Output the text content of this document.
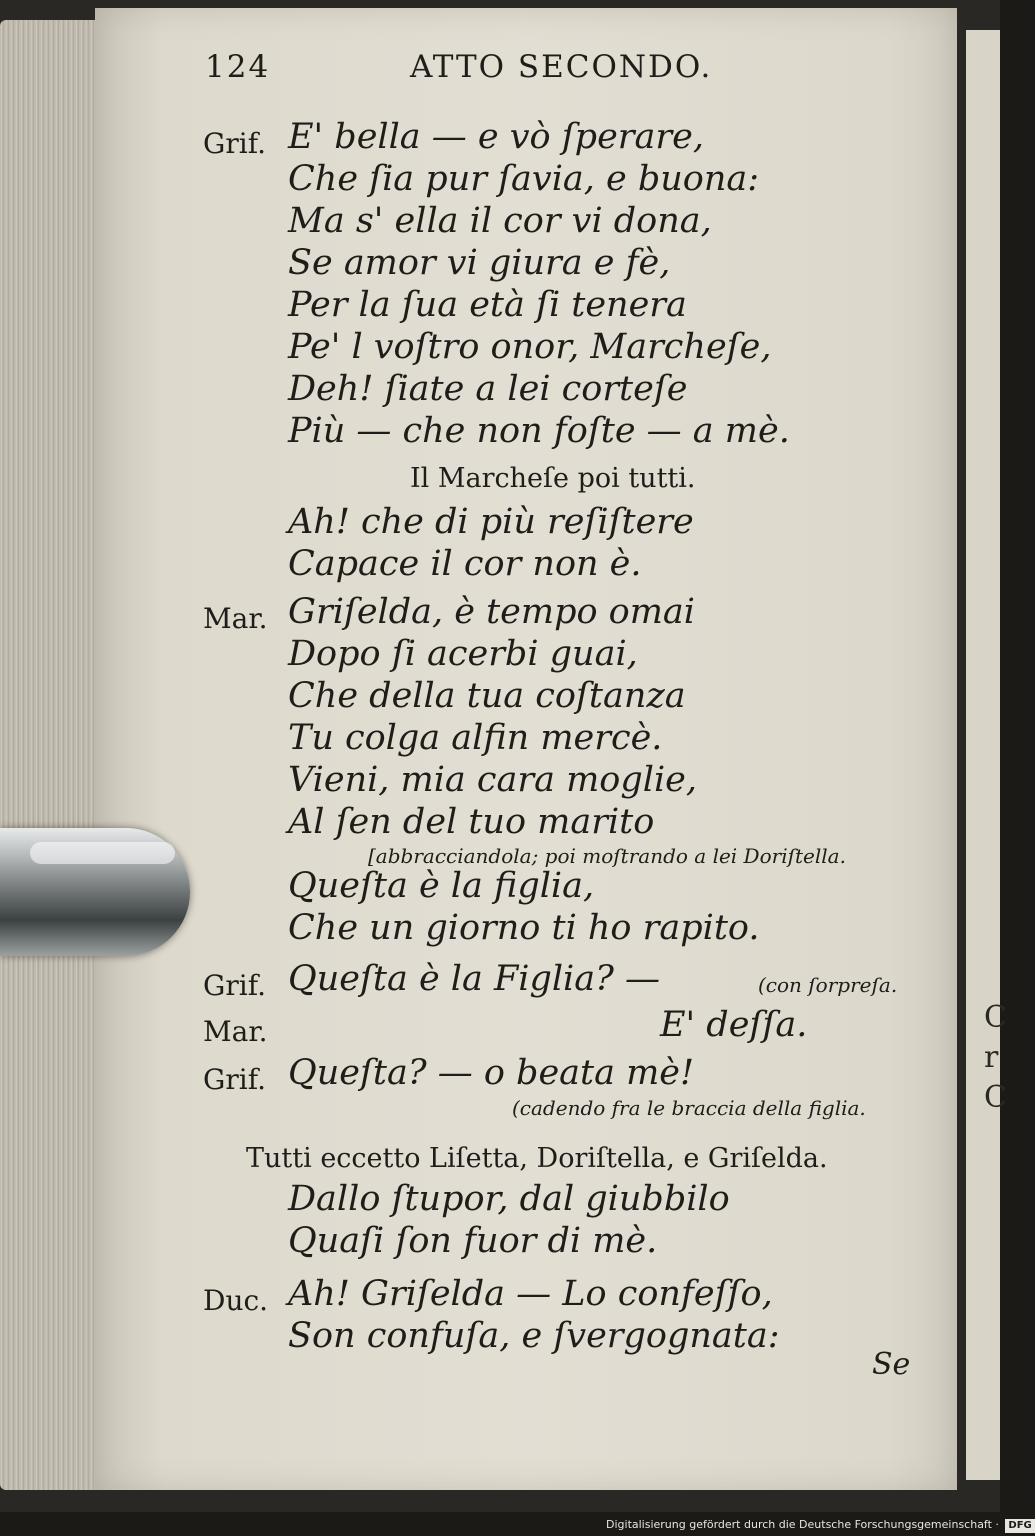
C
r
C
124	ATTO SECONDO.
Grif. E' bella — e vò ſperare,
Che ſia pur ſavia, e buona:
Ma s' ella il cor vi dona,
Se amor vi giura e fè,
Per la ſua età ſi tenera
Pe' l voſtro onor, Marcheſe,
Deh! ſiate a lei corteſe
Più — che non foſte — a mè.
Il Marcheſe poi tutti.
Ah! che di più reſiſtere
Capace il cor non è.
Mar. Griſelda, è tempo omai
Dopo ſi acerbi guai,
Che della tua coſtanza
Tu colga alfin mercè.
Vieni, mia cara moglie,
Al ſen del tuo marito
[abbracciandola; poi moſtrando a lei Doriſtella.
Queſta è la figlia,
Che un giorno ti ho rapito.
Grif. Queſta è la Figlia? —	(con ſorpreſa.
Mar.	E' deſſa.
Grif. Queſta? — o beata mè!
(cadendo fra le braccia della figlia.
Tutti eccetto Liſetta, Doriſtella, e Griſelda.
Dallo ſtupor, dal giubbilo
Quaſi ſon fuor di mè.
Duc. Ah! Griſelda — Lo confeſſo,
Son confuſa, e ſvergognata:
Se
Digitalisierung gefördert durch die Deutsche Forschungsgemeinschaft · DFG
